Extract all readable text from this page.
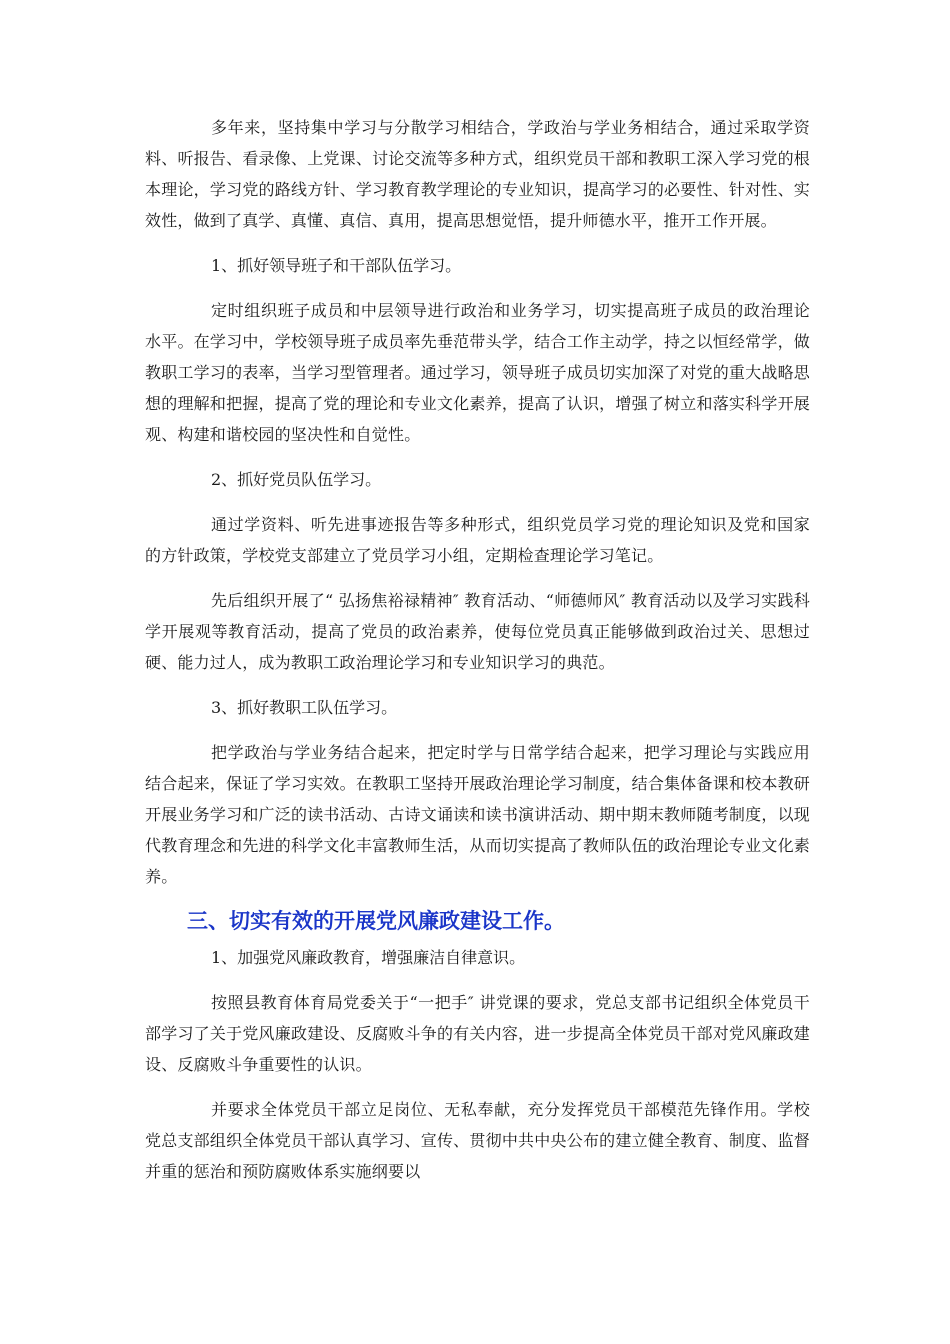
多年来，坚持集中学习与分散学习相结合，学政治与学业务相结合，通过采取学资料、听报告、看录像、上党课、讨论交流等多种方式，组织党员干部和教职工深入学习党的根本理论，学习党的路线方针、学习教育教学理论的专业知识，提高学习的必要性、针对性、实效性，做到了真学、真懂、真信、真用，提高思想觉悟，提升师德水平，推开工作开展。

1、抓好领导班子和干部队伍学习。

定时组织班子成员和中层领导进行政治和业务学习，切实提高班子成员的政治理论水平。在学习中，学校领导班子成员率先垂范带头学，结合工作主动学，持之以恒经常学，做教职工学习的表率，当学习型管理者。通过学习，领导班子成员切实加深了对党的重大战略思想的理解和把握，提高了党的理论和专业文化素养，提高了认识，增强了树立和落实科学开展观、构建和谐校园的坚决性和自觉性。

2、抓好党员队伍学习。

通过学资料、听先进事迹报告等多种形式，组织党员学习党的理论知识及党和国家的方针政策，学校党支部建立了党员学习小组，定期检查理论学习笔记。

先后组织开展了“ 弘扬焦裕禄精神″ 教育活动、“师德师风″ 教育活动以及学习实践科学开展观等教育活动，提高了党员的政治素养，使每位党员真正能够做到政治过关、思想过硬、能力过人，成为教职工政治理论学习和专业知识学习的典范。

3、抓好教职工队伍学习。

把学政治与学业务结合起来，把定时学与日常学结合起来，把学习理论与实践应用结合起来，保证了学习实效。在教职工坚持开展政治理论学习制度，结合集体备课和校本教研开展业务学习和广泛的读书活动、古诗文诵读和读书演讲活动、期中期末教师随考制度，以现代教育理念和先进的科学文化丰富教师生活，从而切实提高了教师队伍的政治理论专业文化素养。

三、切实有效的开展党风廉政建设工作。

1、加强党风廉政教育，增强廉洁自律意识。

按照县教育体育局党委关于“一把手″ 讲党课的要求，党总支部书记组织全体党员干部学习了关于党风廉政建设、反腐败斗争的有关内容，进一步提高全体党员干部对党风廉政建设、反腐败斗争重要性的认识。

并要求全体党员干部立足岗位、无私奉献，充分发挥党员干部模范先锋作用。学校党总支部组织全体党员干部认真学习、宣传、贯彻中共中央公布的建立健全教育、制度、监督并重的惩治和预防腐败体系实施纲要以
